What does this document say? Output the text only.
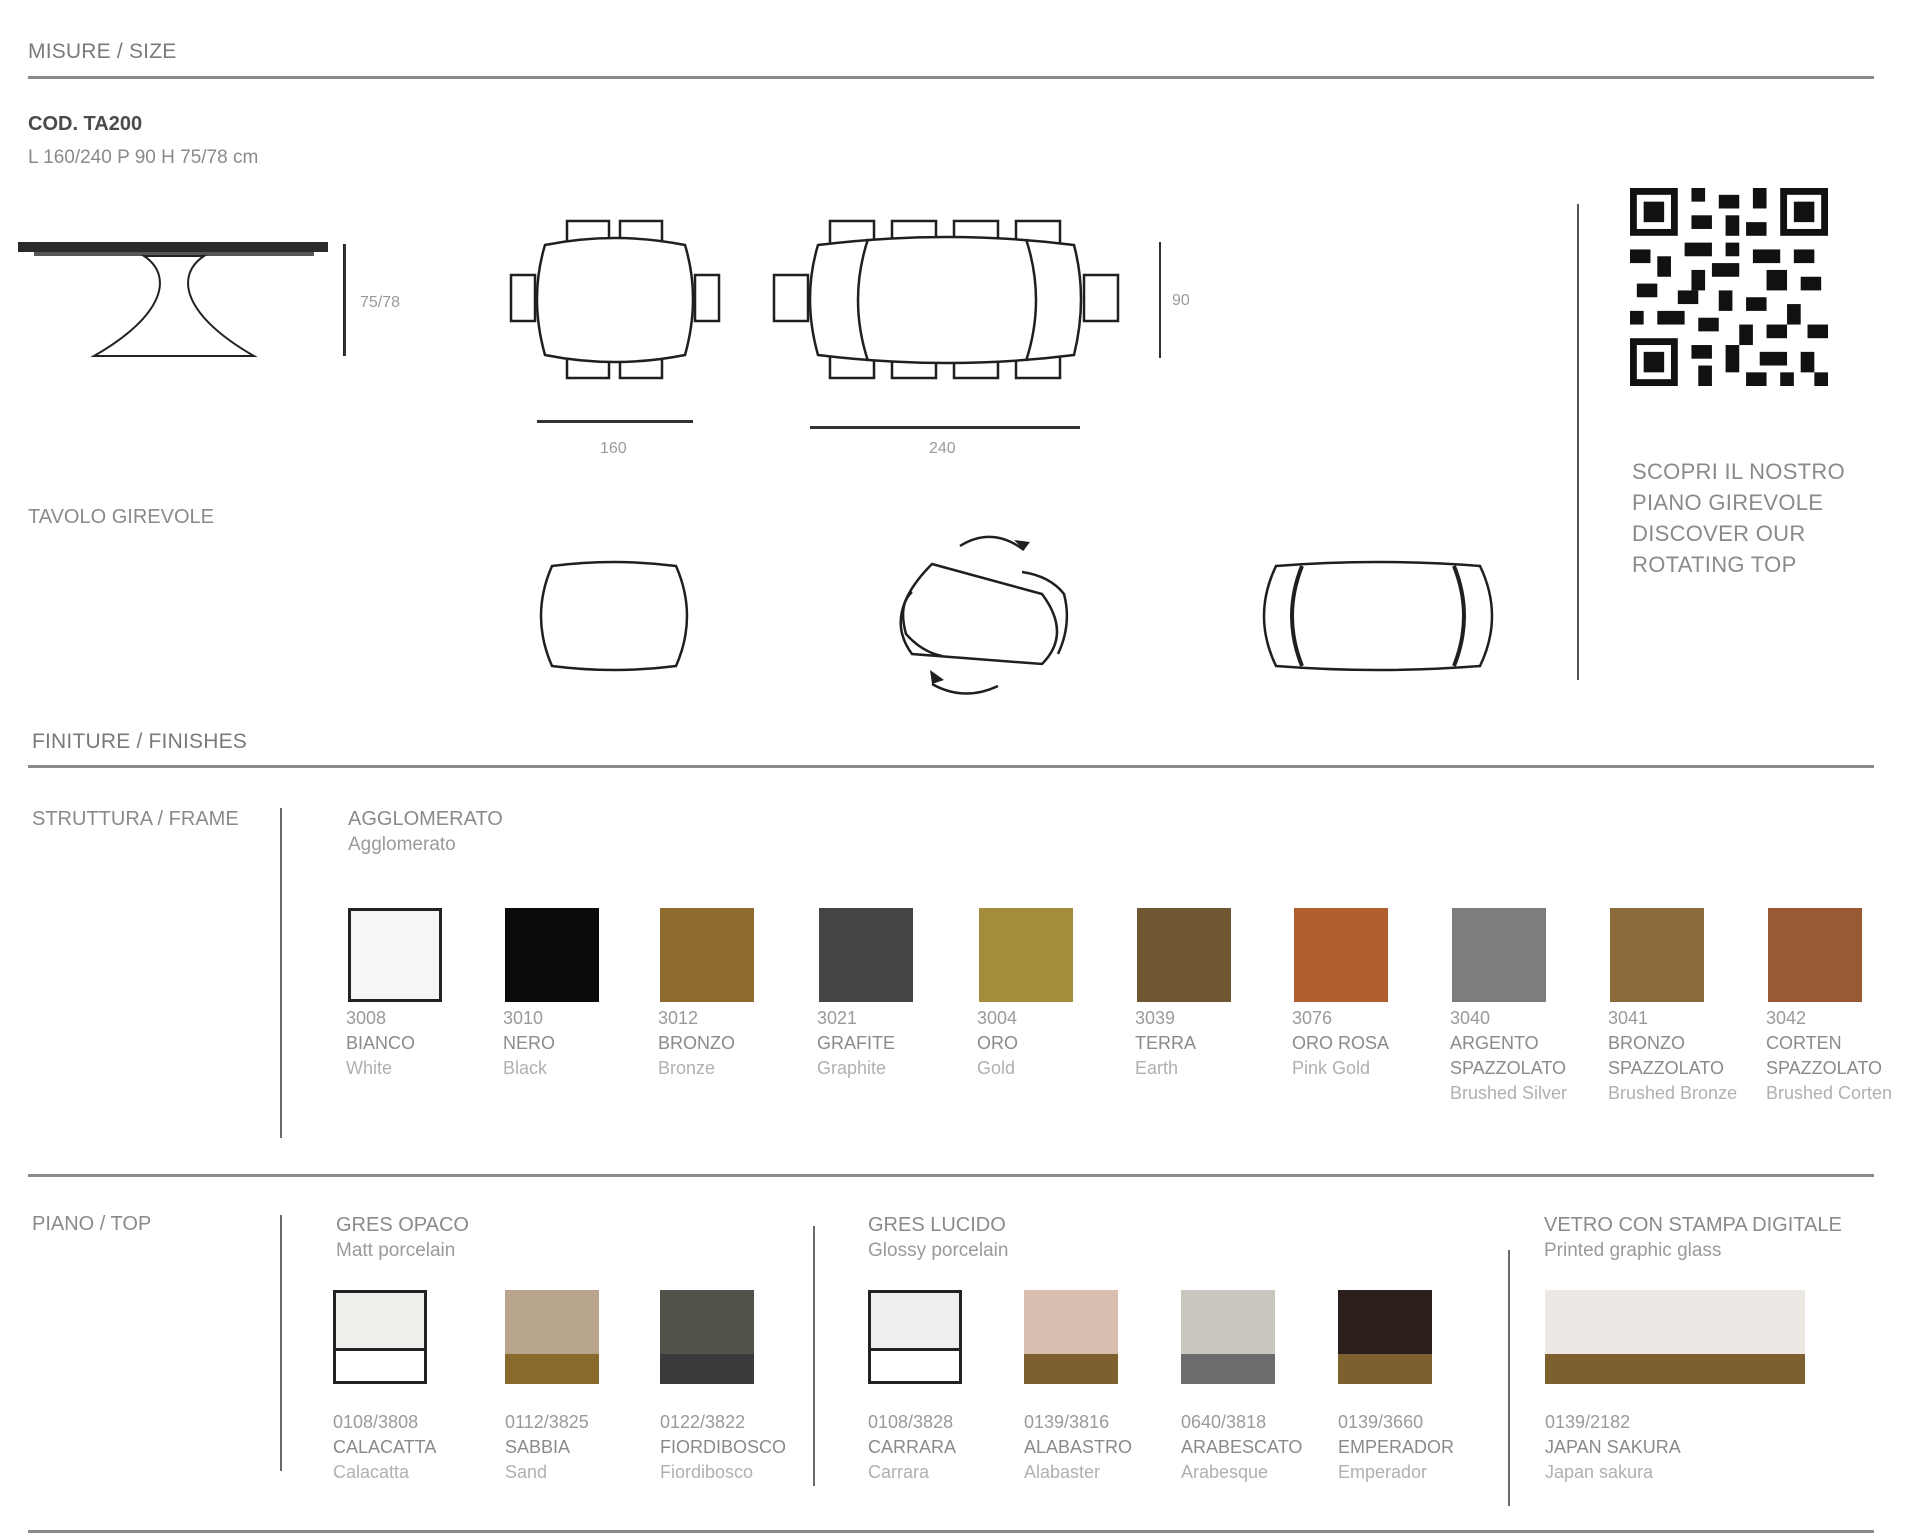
MISURE / SIZE
COD. TA200
L 160/240 P 90 H 75/78 cm
75/78
160
90
240
TAVOLO GIREVOLE
SCOPRI IL NOSTRO
PIANO GIREVOLE
DISCOVER OUR
ROTATING TOP
FINITURE / FINISHES
STRUTTURA / FRAME	AGGLOMERATO
Agglomerato
3008
BIANCO
White
3010
NERO
Black
3012
BRONZO
Bronze
3021
GRAFITE
Graphite
3004
ORO
Gold
3039
TERRA
Earth
3076
ORO ROSA
Pink Gold
3040
ARGENTO SPAZZOLATO
Brushed Silver
3041
BRONZO SPAZZOLATO
Brushed Bronze
3042
CORTEN SPAZZOLATO
Brushed Corten
PIANO / TOP	GRES OPACO
Matt porcelain
0108/3808
CALACATTA
Calacatta
0112/3825
SABBIA
Sand
0122/3822
FIORDIBOSCO
Fiordibosco
GRES LUCIDO
Glossy porcelain
0108/3828
CARRARA
Carrara
0139/3816
ALABASTRO
Alabaster
0640/3818
ARABESCATO
Arabesque
0139/3660
EMPERADOR
Emperador
VETRO CON STAMPA DIGITALE
Printed graphic glass
0139/2182
JAPAN SAKURA
Japan sakura
